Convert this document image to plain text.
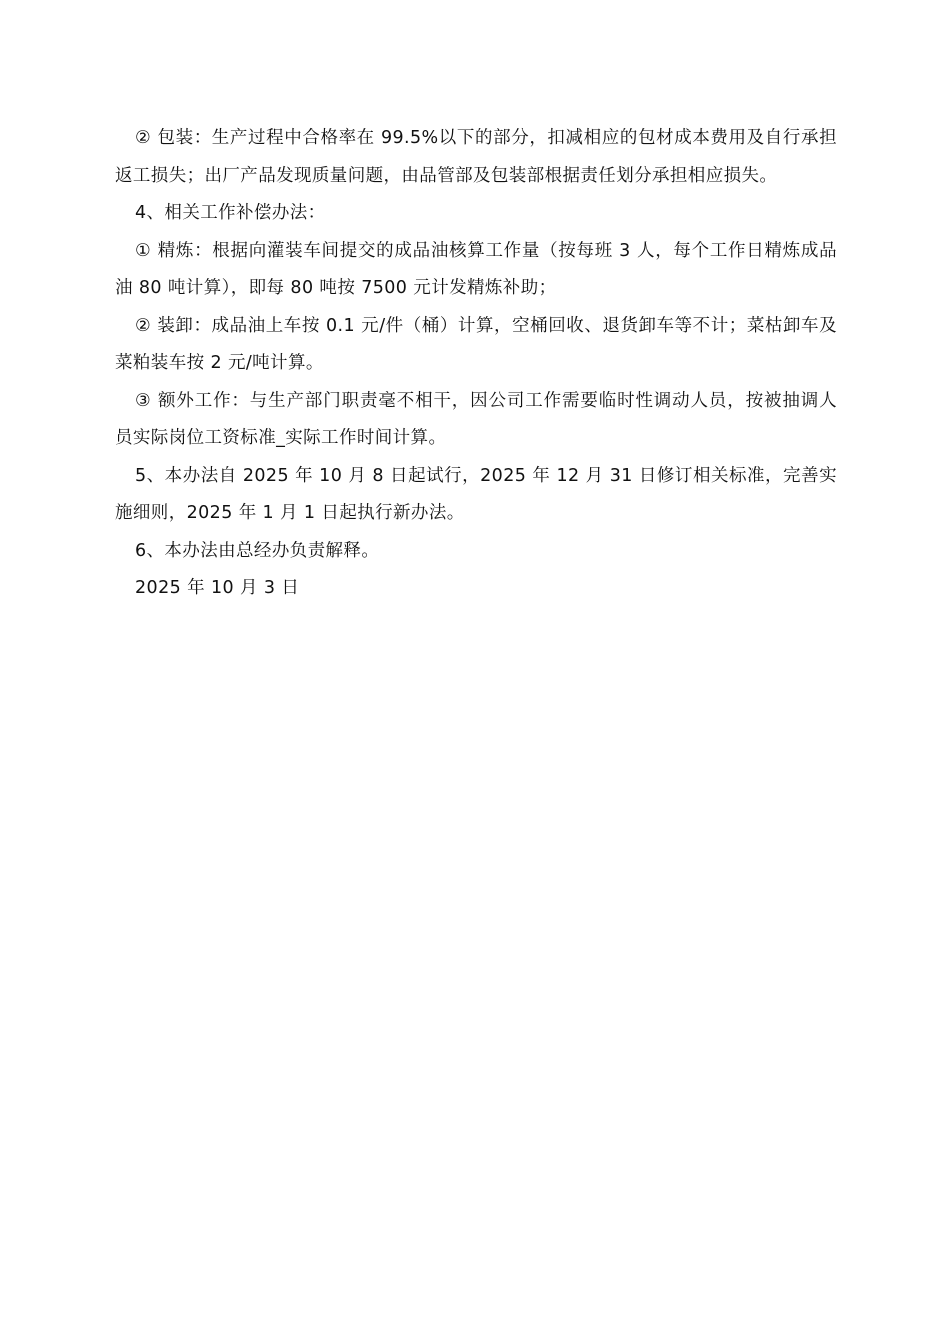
② 包装：生产过程中合格率在 99.5%以下的部分，扣减相应的包材成本费用及自行承担返工损失；出厂产品发现质量问题，由品管部及包装部根据责任划分承担相应损失。

4、相关工作补偿办法：

① 精炼：根据向灌装车间提交的成品油核算工作量（按每班 3 人，每个工作日精炼成品油 80 吨计算），即每 80 吨按 7500 元计发精炼补助；

② 装卸：成品油上车按 0.1 元/件（桶）计算，空桶回收、退货卸车等不计；菜枯卸车及菜粕装车按 2 元/吨计算。

③ 额外工作：与生产部门职责毫不相干，因公司工作需要临时性调动人员，按被抽调人员实际岗位工资标准_实际工作时间计算。

5、本办法自 2025 年 10 月 8 日起试行，2025 年 12 月 31 日修订相关标准，完善实施细则，2025 年 1 月 1 日起执行新办法。

6、本办法由总经办负责解释。

2025 年 10 月 3 日
